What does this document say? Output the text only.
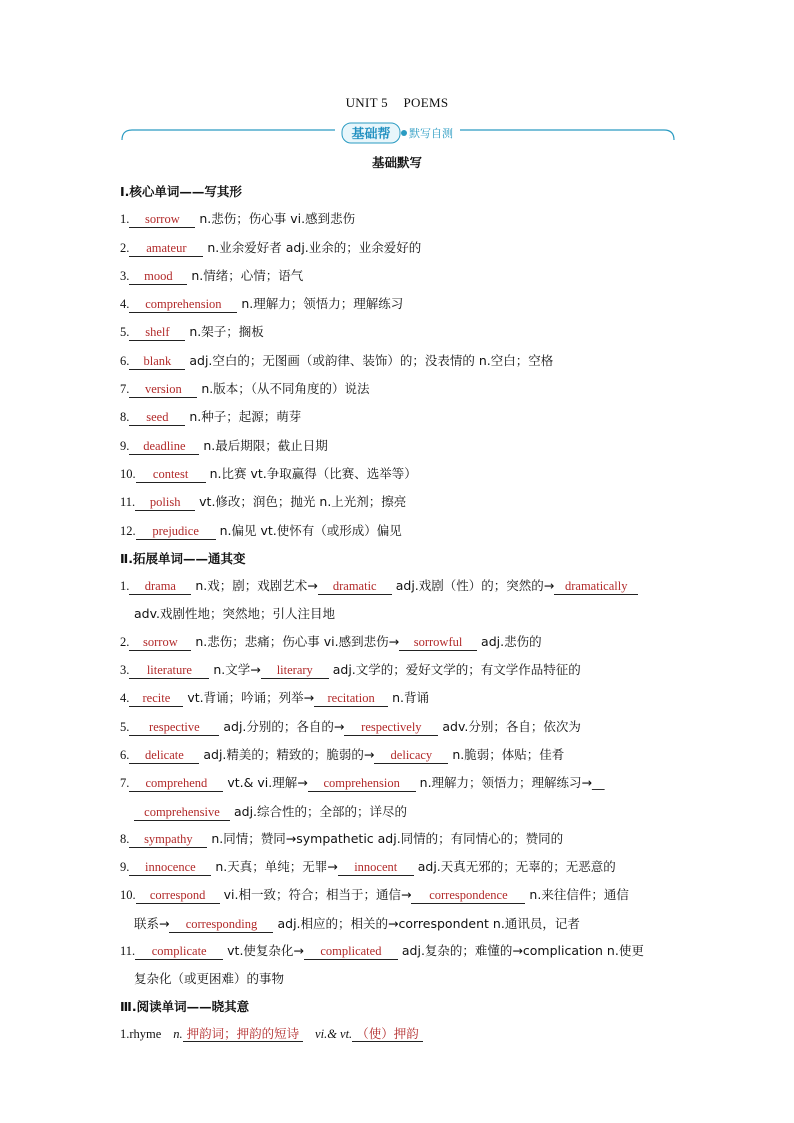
UNIT 5 POEMS
基础帮 默写自测
基础默写
Ⅰ.核心单词——写其形
1. sorrow n.悲伤；伤心事 vi.感到悲伤
2. amateur n.业余爱好者 adj.业余的；业余爱好的
3. mood n.情绪；心情；语气
4. comprehension n.理解力；领悟力；理解练习
5. shelf n.架子；搁板
6. blank adj.空白的；无图画（或韵律、装饰）的；没表情的 n.空白；空格
7. version n.版本；（从不同角度的）说法
8. seed n.种子；起源；萌芽
9. deadline n.最后期限；截止日期
10. contest n.比赛 vt.争取赢得（比赛、选举等）
11. polish vt.修改；润色；抛光 n.上光剂；擦亮
12. prejudice n.偏见 vt.使怀有（或形成）偏见
Ⅱ.拓展单词——通其变
1. drama n.戏；剧；戏剧艺术→ dramatic adj.戏剧（性）的；突然的→ dramatically
adv.戏剧性地；突然地；引人注目地
2. sorrow n.悲伤；悲痛；伤心事 vi.感到悲伤→ sorrowful adj.悲伤的
3. literature n.文学→ literary adj.文学的；爱好文学的；有文学作品特征的
4. recite vt.背诵；吟诵；列举→ recitation n.背诵
5. respective adj.分别的；各自的→ respectively adv.分别；各自；依次为
6. delicate adj.精美的；精致的；脆弱的→ delicacy n.脆弱；体贴；佳肴
7. comprehend vt.& vi.理解→ comprehension n.理解力；领悟力；理解练习→__
comprehensive adj.综合性的；全部的；详尽的
8. sympathy n.同情；赞同→sympathetic adj.同情的；有同情心的；赞同的
9. innocence n.天真；单纯；无罪→ innocent adj.天真无邪的；无辜的；无恶意的
10. correspond vi.相一致；符合；相当于；通信→ correspondence n.来往信件；通信
联系→ corresponding adj.相应的；相关的→correspondent n.通讯员，记者
11. complicate vt.使复杂化→ complicated adj.复杂的；难懂的→complication n.使更
复杂化（或更困难）的事物
Ⅲ.阅读单词——晓其意
1.rhyme n. 押韵词；押韵的短诗 vi.& vt. （使）押韵
